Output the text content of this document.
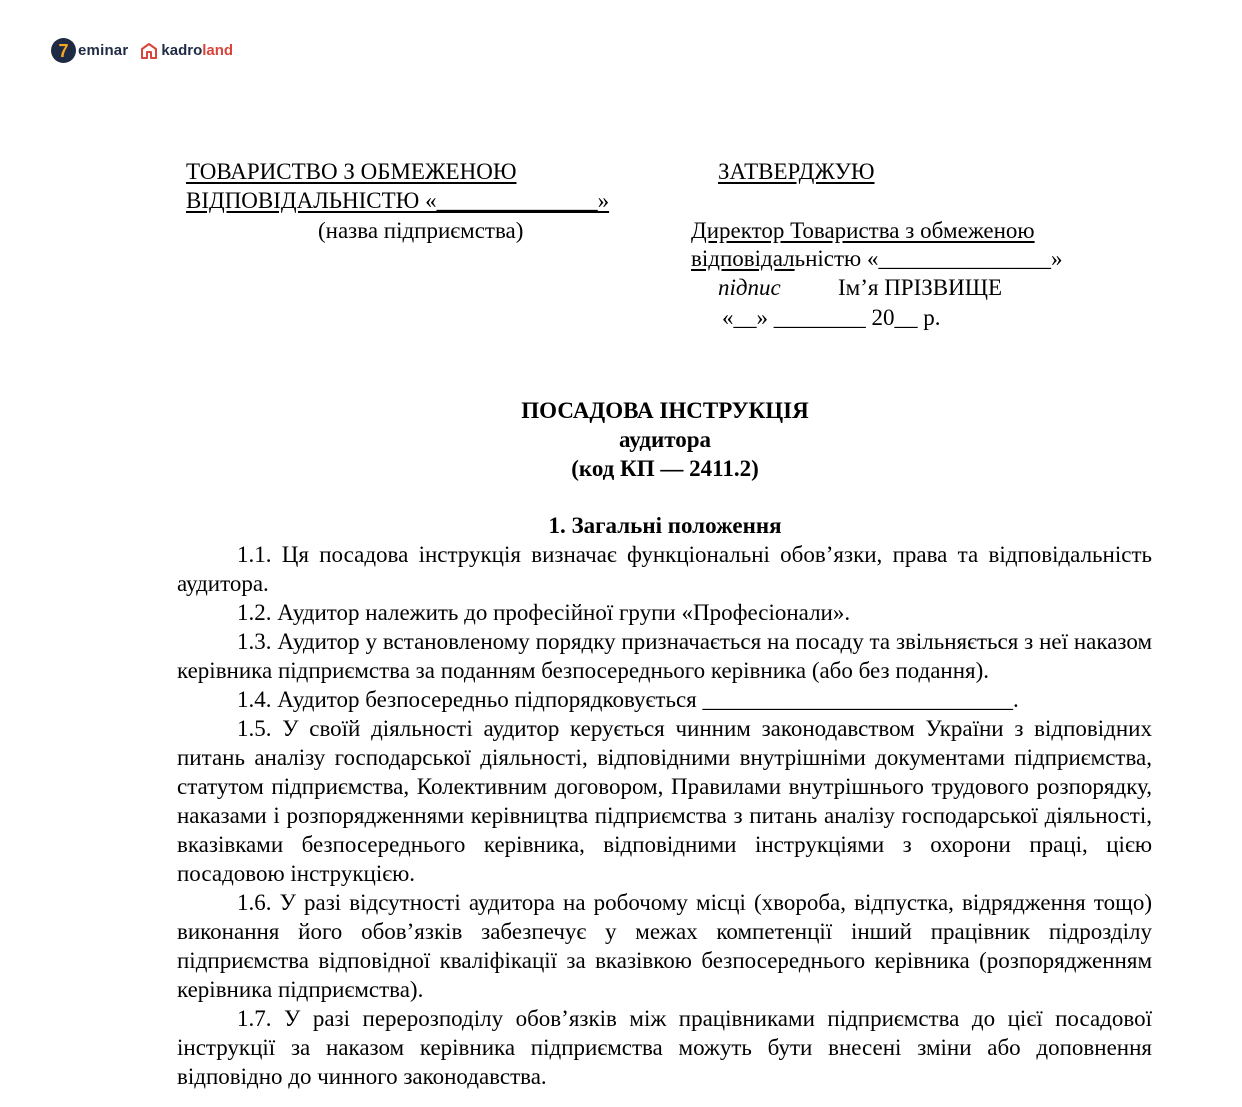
7 eminar kadroland
ТОВАРИСТВО З ОБМЕЖЕНОЮ
ВІДПОВІДАЛЬНІСТЮ «______________»
(назва підприємства)
ЗАТВЕРДЖУЮ
Директор Товариства з обмеженою
відповідальністю «_______________»
підпис Ім’я ПРІЗВИЩЕ
«__» ________ 20__ р.
ПОСАДОВА ІНСТРУКЦІЯ
аудитора
(код КП — 2411.2)
1. Загальні положення

1.1. Ця посадова інструкція визначає функціональні обов’язки, права та відповідальність аудитора.

1.2. Аудитор належить до професійної групи «Професіонали».

1.3. Аудитор у встановленому порядку призначається на посаду та звільняється з неї наказом керівника підприємства за поданням безпосереднього керівника (або без подання).

1.4. Аудитор безпосередньо підпорядковується ___________________________.

1.5. У своїй діяльності аудитор керується чинним законодавством України з відповідних питань аналізу господарської діяльності, відповідними внутрішніми документами підприємства, статутом підприємства, Колективним договором, Правилами внутрішнього трудового розпорядку, наказами і розпорядженнями керівництва підприємства з питань аналізу господарської діяльності, вказівками безпосереднього керівника, відповідними інструкціями з охорони праці, цією посадовою інструкцією.

1.6. У разі відсутності аудитора на робочому місці (хвороба, відпустка, відрядження тощо) виконання його обов’язків забезпечує у межах компетенції інший працівник підрозділу підприємства відповідної кваліфікації за вказівкою безпосереднього керівника (розпорядженням керівника підприємства).

1.7. У разі перерозподілу обов’язків між працівниками підприємства до цієї посадової інструкції за наказом керівника підприємства можуть бути внесені зміни або доповнення відповідно до чинного законодавства.
